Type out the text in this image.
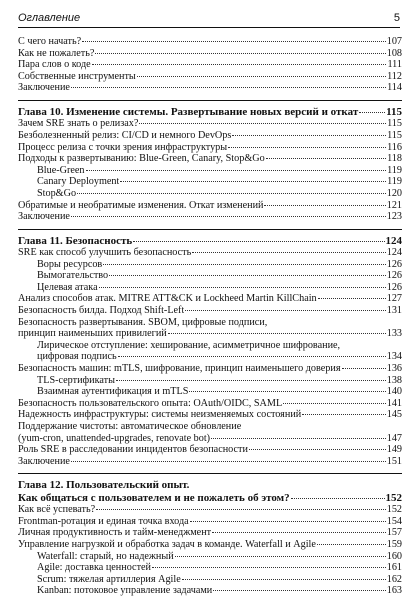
Оглавление	5
С чего начать?	107
Как не пожалеть?	108
Пара слов о коде	111
Собственные инструменты	112
Заключение	114
Глава 10. Изменение системы. Развертывание новых версий и откат	115
Зачем SRE знать о релизах?	115
Безболезненный релиз: CI/CD и немного DevOps	115
Процесс релиза с точки зрения инфраструктуры	116
Подходы к развертыванию: Blue-Green, Canary, Stop&Go	118
Blue-Green	119
Canary Deployment	119
Stop&Go	120
Обратимые и необратимые изменения. Откат изменений	121
Заключение	123
Глава 11. Безопасность	124
SRE как способ улучшить безопасность	124
Воры ресурсов	126
Вымогательство	126
Целевая атака	126
Анализ способов атак. MITRE ATT&CK и Lockheed Martin KillChain	127
Безопасность билда. Подход Shift-Left	131
Безопасность развертывания. SBOM, цифровые подписи,
принцип наименьших привилегий	133
Лирическое отступление: хеширование, асимметричное шифрование,
цифровая подпись	134
Безопасность машин: mTLS, шифрование, принцип наименьшего доверия	136
TLS-сертификаты	138
Взаимная аутентификация и mTLS	140
Безопасность пользовательского опыта: OAuth/OIDC, SAML	141
Надежность инфраструктуры: системы неизменяемых состояний	145
Поддержание чистоты: автоматическое обновление
(yum-cron, unattended-upgrades, renovate bot)	147
Роль SRE в расследовании инцидентов безопасности	149
Заключение	151
Глава 12. Пользовательский опыт.
Как общаться с пользователем и не пожалеть об этом?	152
Как всё успевать?	152
Frontman-ротация и единая точка входа	154
Личная продуктивность и тайм-менеджмент	157
Управление нагрузкой и обработка задач в команде. Waterfall и Agile	159
Waterfall: старый, но надежный	160
Agile: доставка ценностей	161
Scrum: тяжелая артиллерия Agile	162
Kanban: потоковое управление задачами	163
